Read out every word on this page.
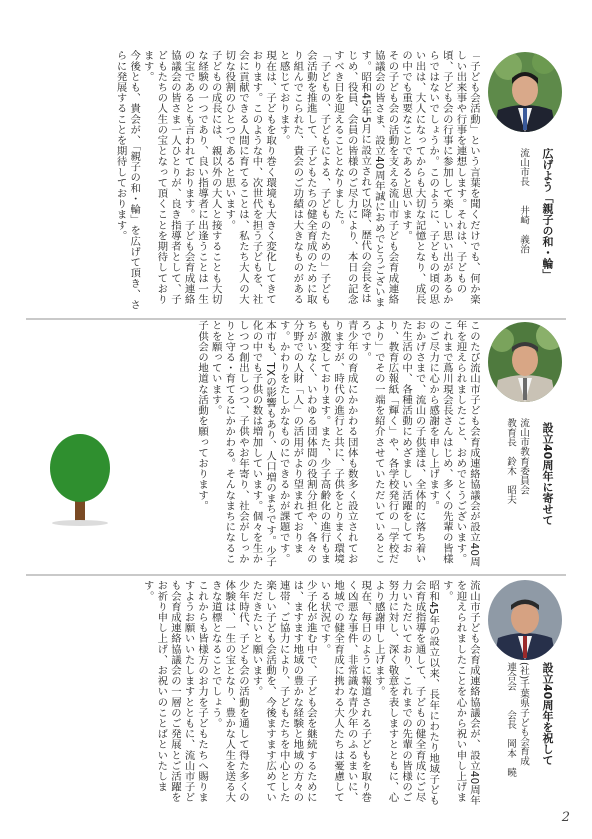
広げよう「親子の和・輪」
流山市長　　井崎　義治
「子ども会活動」という言葉を聞くだけでも、何か楽しい出来事や行事を連想します。それは、子どもの頃、子ども会の行事に参加して楽しい思い出があるからではないでしょうか。このように、子どもの頃の思い出は、大人になってからも大切な記憶となり、成長の中でも重要なことであると思います。
その子ども会の活動を支える流山市子ども会育成連絡協議会の皆さま、設立40周年誠におめでとうございます。昭和45年5月に設立されて以降、歴代の会長をはじめ、役員、会員の皆様のご尽力により、本日の記念すべき日を迎えることとなりました。
「子どもの、子どもによる、子どものための」子ども会活動を推進して、子どもたちの健全育成のために取り組んでこられた、貴会のご功績は大きなものがあると感じております。
現在は、子どもを取り巻く環境も大きく変化してきております。このような中、次世代を担う子どもを、社会に貢献できる人間に育てることは、私たち大人の大切な役割のひとつであると思います。
子どもの成長には、親以外の大人と接することも大切な経験の一つであり、良い指導者に出逢うことは一生の宝であるとも言われております。子ども会育成連絡協議会の皆さま一人ひとりが、良き指導者として、子どもたちの人生の宝となって頂くことを期待しております。
今後とも、貴会が、「親子の和・輪」を広げて頂き、さらに発展することを期待しております。
設立40周年に寄せて
流山市教育委員会
教育長　鈴木　昭夫
このたび流山市子ども会育成連絡協議会が設立40周年を迎えられましたこと、おめでとうございます。
これまで蔦川現会長さんはじめ、多くの先輩の皆様のご尽力に心から感謝を申し上げます。
おかげさまで、流山の子供達は、全体的に落ち着いた生活の中、各種活動にめざましい活躍をしており、教育広報紙「輝く」や、各学校発行の「学校だより」でその一端を紹介させていただいているところです。
青少年の育成にかかわる団体も数多く設立されておりますが、時代の進行と共に、子供をとりまく環境も激変しております。また、少子高齢化の進行もまちがいなく、いわゆる団体間の役割分担や、各々の分野での人財「人」の活用がより望まれております。かわりをたしかなものにできるかが課題です。
本市も、TXの影響もあり、人口増のまちです。少子化の中でも子供の数は増加しています。個々を生かしつつ創出しつつ、子供やお年寄り、社会がしっかりと守る・育てるにかかわる。そんなまちになることを願っています。
子供会の地道な活動を願っております。
設立40周年を祝して
(社)千葉県子ども会育成
連合会　　会長　岡本　曉
流山市子ども会育成連絡協議会が、設立40周年を迎えられましたことを心から祝い申し上げます。
昭和45年の設立以来、長年にわたり地域子ども会育成指導を通して、子どもの健全育成にご尽力いただいており、これまでの先輩の皆様のご努力に対し、深く敬意を表しますとともに、心より感謝申し上げます。
現在、毎日のように報道される子どもを取り巻く凶悪な事件、非常識な青少年のふるまいに、地域での健全育成に携わる大人たちは憂慮している状況です。
少子化が進む中で、子ども会を継続するためには、ますます地域の豊かな経験と地域の方々の連帯、ご協力により、子どもたちを中心とした楽しい子ども会活動を、今後ますます広めていただきたいと願います。
少年時代、子ども会の活動を通して得た多くの体験は、一生の宝となり、豊かな人生を送る大きな道標となることでしょう。
これからも皆様方のお力を子どもたちへ賜りますようお願いいたしますとともに、流山市子ども会育成連絡協議会の一層のご発展とご活躍をお祈り申し上げ、お祝いのことばといたします。
2
